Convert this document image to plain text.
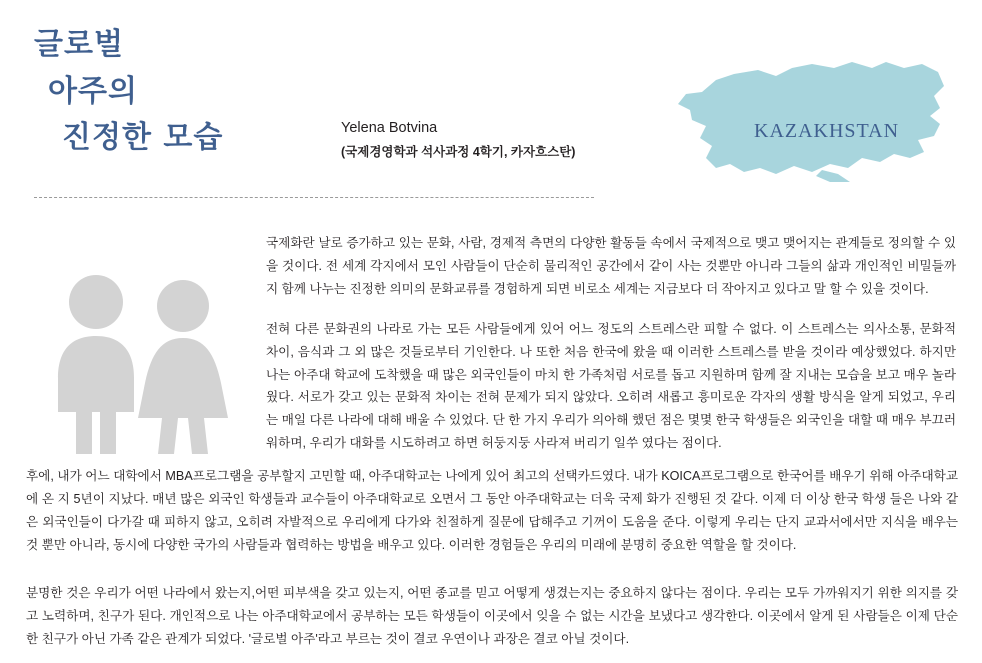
글로벌
아주의
진정한 모습	Yelena Botvina
(국제경영학과 석사과정 4학기, 카자흐스탄)
KAZAKHSTAN

국제화란 날로 증가하고 있는 문화, 사람, 경제적 측면의 다양한 활동들 속에서 국제적으로 맺고 맺어지는 관계들로 정의할 수 있을 것이다. 전 세계 각지에서 모인 사람들이 단순히 물리적인 공간에서 같이 사는 것뿐만 아니라 그들의 삶과 개인적인 비밀들까지 함께 나누는 진정한 의미의 문화교류를 경험하게 되면 비로소 세계는 지금보다 더 작아지고 있다고 말 할 수 있을 것이다.

전혀 다른 문화권의 나라로 가는 모든 사람들에게 있어 어느 정도의 스트레스란 피할 수 없다. 이 스트레스는 의사소통, 문화적 차이, 음식과 그 외 많은 것들로부터 기인한다. 나 또한 처음 한국에 왔을 때 이러한 스트레스를 받을 것이라 예상했었다. 하지만 나는 아주대 학교에 도착했을 때 많은 외국인들이 마치 한 가족처럼 서로를 돕고 지원하며 함께 잘 지내는 모습을 보고 매우 놀라웠다. 서로가 갖고 있는 문화적 차이는 전혀 문제가 되지 않았다. 오히려 새롭고 흥미로운 각자의 생활 방식을 알게 되었고, 우리는 매일 다른 나라에 대해 배울 수 있었다. 단 한 가지 우리가 의아해 했던 점은 몇몇 한국 학생들은 외국인을 대할 때 매우 부끄러워하며, 우리가 대화를 시도하려고 하면 허둥지둥 사라져 버리기 일쑤 였다는 점이다.

후에, 내가 어느 대학에서 MBA프로그램을 공부할지 고민할 때, 아주대학교는 나에게 있어 최고의 선택카드였다. 내가 KOICA프로그램으로 한국어를 배우기 위해 아주대학교에 온 지 5년이 지났다. 매년 많은 외국인 학생들과 교수들이 아주대학교로 오면서 그 동안 아주대학교는 더욱 국제 화가 진행된 것 같다. 이제 더 이상 한국 학생 들은 나와 같은 외국인들이 다가갈 때 피하지 않고, 오히려 자발적으로 우리에게 다가와 친절하게 질문에 답해주고 기꺼이 도움을 준다. 이렇게 우리는 단지 교과서에서만 지식을 배우는 것 뿐만 아니라, 동시에 다양한 국가의 사람들과 협력하는 방법을 배우고 있다. 이러한 경험들은 우리의 미래에 분명히 중요한 역할을 할 것이다.

분명한 것은 우리가 어떤 나라에서 왔는지,어떤 피부색을 갖고 있는지, 어떤 종교를 믿고 어떻게 생겼는지는 중요하지 않다는 점이다. 우리는 모두 가까워지기 위한 의지를 갖고 노력하며, 친구가 된다. 개인적으로 나는 아주대학교에서 공부하는 모든 학생들이 이곳에서 잊을 수 없는 시간을 보냈다고 생각한다. 이곳에서 알게 된 사람들은 이제 단순한 친구가 아닌 가족 같은 관계가 되었다. '글로벌 아주'라고 부르는 것이 결코 우연이나 과장은 결코 아닐 것이다.
